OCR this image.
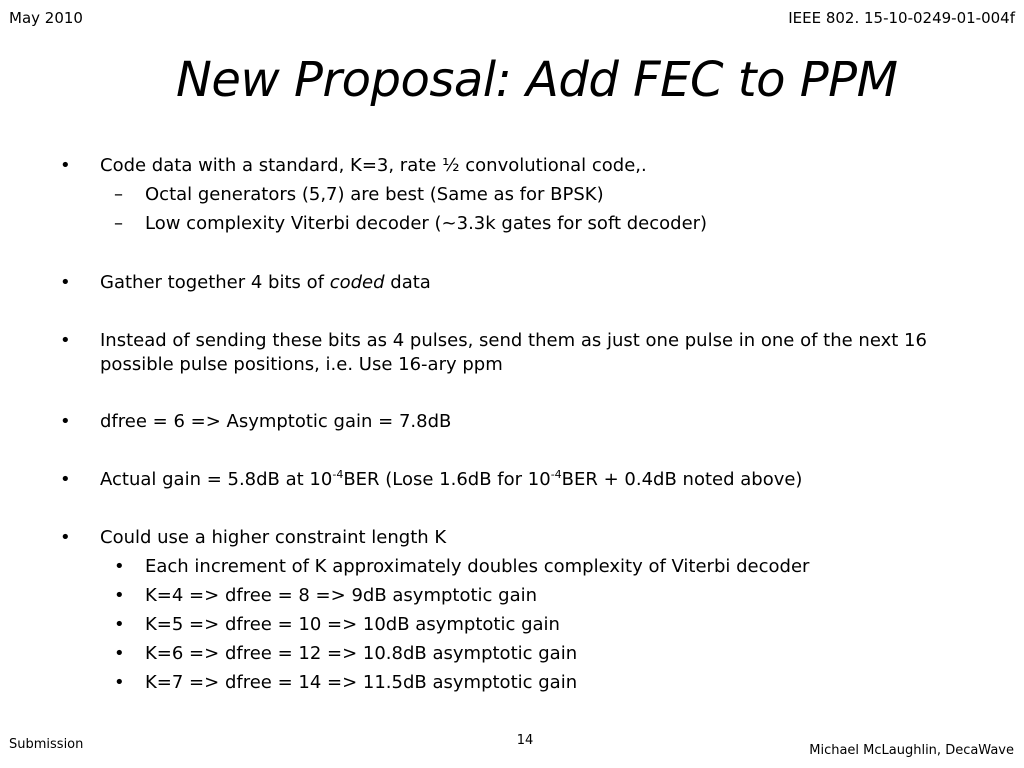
May 2010	IEEE 802. 15-10-0249-01-004f
New Proposal: Add FEC to PPM
• Code data with a standard, K=3, rate ½ convolutional code,.
– Octal generators (5,7) are best (Same as for BPSK)
– Low complexity Viterbi decoder (~3.3k gates for soft decoder)
• Gather together 4 bits of coded data
• Instead of sending these bits as 4 pulses, send them as just one pulse in one of the next 16 possible pulse positions, i.e. Use 16-ary ppm
• dfree = 6 => Asymptotic gain = 7.8dB
• Actual gain = 5.8dB at $10^{-4}BER$ (Lose 1.6dB for $10^{-4}BER + 0.4dB$ noted above)
• Could use a higher constraint length K
• Each increment of K approximately doubles complexity of Viterbi decoder
• K=4 => dfree = 8 => 9dB asymptotic gain
• K=5 => dfree = 10 => 10dB asymptotic gain
• K=6 => dfree = 12 => 10.8dB asymptotic gain
• K=7 => dfree = 14 => 11.5dB asymptotic gain
Submission	14
Michael McLaughlin, DecaWave
